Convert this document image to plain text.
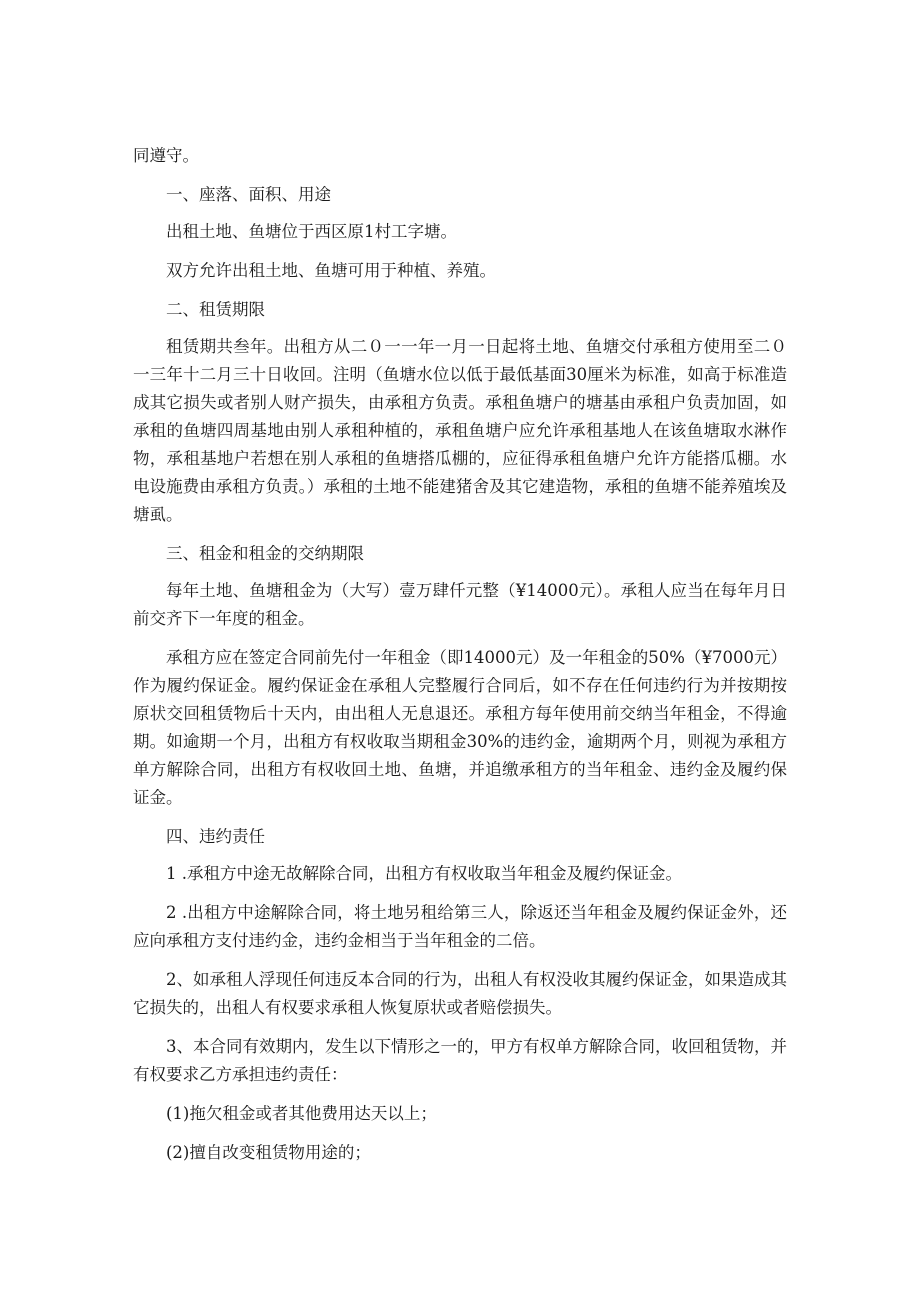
同遵守。

一、座落、面积、用途

出租土地、鱼塘位于西区原1村工字塘。

双方允许出租土地、鱼塘可用于种植、养殖。

二、租赁期限

租赁期共叁年。出租方从二０一一年一月一日起将土地、鱼塘交付承租方使用至二０一三年十二月三十日收回。注明（鱼塘水位以低于最低基面30厘米为标准，如高于标准造成其它损失或者别人财产损失，由承租方负责。承租鱼塘户的塘基由承租户负责加固，如承租的鱼塘四周基地由别人承租种植的，承租鱼塘户应允许承租基地人在该鱼塘取水淋作物，承租基地户若想在别人承租的鱼塘搭瓜棚的，应征得承租鱼塘户允许方能搭瓜棚。水电设施费由承租方负责。）承租的土地不能建猪舍及其它建造物，承租的鱼塘不能养殖埃及塘虱。

三、租金和租金的交纳期限

每年土地、鱼塘租金为（大写）壹万肆仟元整（¥14000元）。承租人应当在每年月日前交齐下一年度的租金。

承租方应在签定合同前先付一年租金（即14000元）及一年租金的50%（¥7000元）作为履约保证金。履约保证金在承租人完整履行合同后，如不存在任何违约行为并按期按原状交回租赁物后十天内，由出租人无息退还。承租方每年使用前交纳当年租金，不得逾期。如逾期一个月，出租方有权收取当期租金30%的违约金，逾期两个月，则视为承租方单方解除合同，出租方有权收回土地、鱼塘，并追缴承租方的当年租金、违约金及履约保证金。

四、违约责任

1 .承租方中途无故解除合同，出租方有权收取当年租金及履约保证金。

2 .出租方中途解除合同，将土地另租给第三人，除返还当年租金及履约保证金外，还应向承租方支付违约金，违约金相当于当年租金的二倍。

2、如承租人浮现任何违反本合同的行为，出租人有权没收其履约保证金，如果造成其它损失的，出租人有权要求承租人恢复原状或者赔偿损失。

3、本合同有效期内，发生以下情形之一的，甲方有权单方解除合同，收回租赁物，并有权要求乙方承担违约责任：

(1)拖欠租金或者其他费用达天以上；

(2)擅自改变租赁物用途的；
